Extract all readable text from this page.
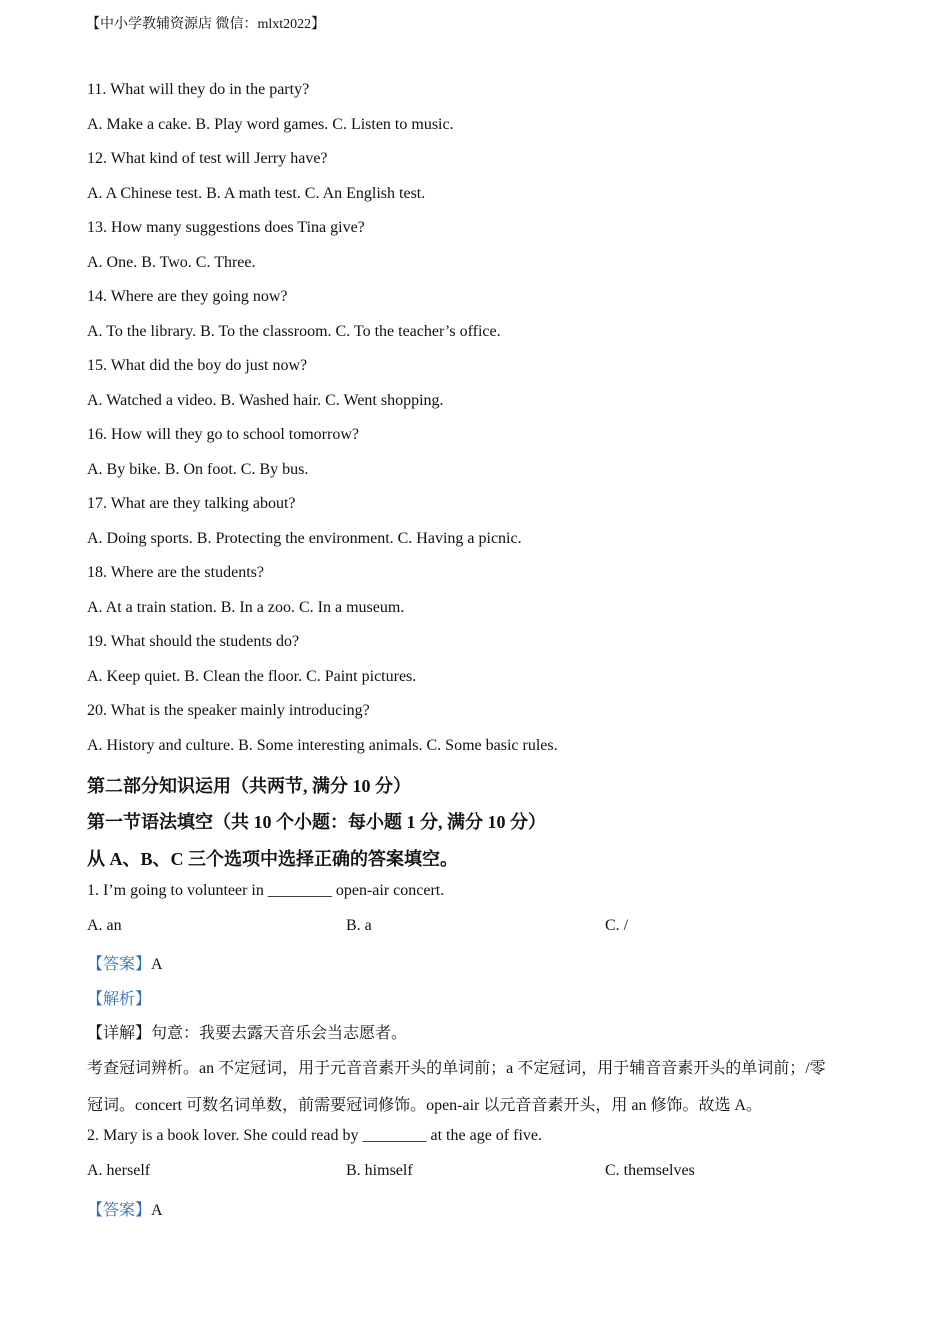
【中小学教辅资源店 微信：mlxt2022】
11. What will they do in the party?
A. Make a cake. B. Play word games. C. Listen to music.
12. What kind of test will Jerry have?
A. A Chinese test. B. A math test. C. An English test.
13. How many suggestions does Tina give?
A. One. B. Two. C. Three.
14. Where are they going now?
A. To the library. B. To the classroom. C. To the teacher’s office.
15. What did the boy do just now?
A. Watched a video. B. Washed hair. C. Went shopping.
16. How will they go to school tomorrow?
A. By bike. B. On foot. C. By bus.
17. What are they talking about?
A. Doing sports. B. Protecting the environment. C. Having a picnic.
18. Where are the students?
A. At a train station. B. In a zoo. C. In a museum.
19. What should the students do?
A. Keep quiet. B. Clean the floor. C. Paint pictures.
20. What is the speaker mainly introducing?
A. History and culture. B. Some interesting animals. C. Some basic rules.
第二部分知识运用（共两节, 满分 10 分）
第一节语法填空（共 10 个小题：每小题 1 分, 满分 10 分）
从 A、B、C 三个选项中选择正确的答案填空。
1. I’m going to volunteer in ________ open-air concert.
A. an	B. a	C. /
【答案】A
【解析】
【详解】句意：我要去露天音乐会当志愿者。
考查冠词辨析。an 不定冠词，用于元音音素开头的单词前；a 不定冠词，用于辅音音素开头的单词前；/零
冠词。concert 可数名词单数，前需要冠词修饰。open-air 以元音音素开头，用 an 修饰。故选 A。
2. Mary is a book lover. She could read by ________ at the age of five.
A. herself	B. himself	C. themselves
【答案】A
